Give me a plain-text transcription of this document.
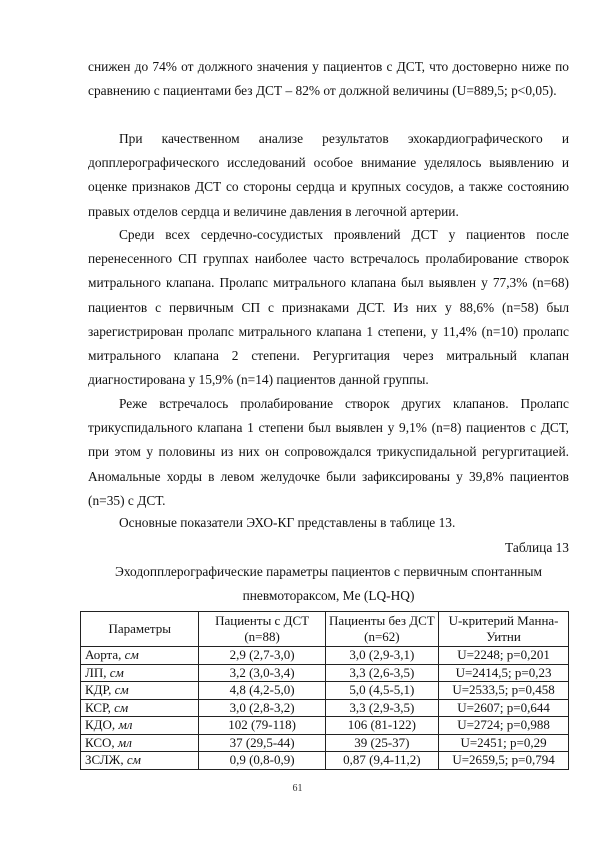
снижен до 74% от должного значения у пациентов с ДСТ, что достоверно ниже по сравнению с пациентами без ДСТ – 82% от должной величины (U=889,5; p<0,05).

При качественном анализе результатов эхокардиографического и допплерографического исследований особое внимание уделялось выявлению и оценке признаков ДСТ со стороны сердца и крупных сосудов, а также состоянию правых отделов сердца и величине давления в легочной артерии.

Среди всех сердечно-сосудистых проявлений ДСТ у пациентов после перенесенного СП группах наиболее часто встречалось пролабирование створок митрального клапана. Пролапс митрального клапана был выявлен у 77,3% (n=68) пациентов с первичным СП с признаками ДСТ. Из них у 88,6% (n=58) был зарегистрирован пролапс митрального клапана 1 степени, у 11,4% (n=10) пролапс митрального клапана 2 степени. Регургитация через митральный клапан диагностирована у 15,9% (n=14) пациентов данной группы.

Реже встречалось пролабирование створок других клапанов. Пролапс трикуспидального клапана 1 степени был выявлен у 9,1% (n=8) пациентов с ДСТ, при этом у половины из них он сопровождался трикуспидальной регургитацией. Аномальные хорды в левом желудочке были зафиксированы у 39,8% пациентов (n=35) с ДСТ.

Основные показатели ЭХО-КГ представлены в таблице 13.

Таблица 13

Эходопплерографические параметры пациентов с первичным спонтанным пневмотораксом, Me (LQ-HQ)

Параметры	Пациенты с ДСТ (n=88)	Пациенты без ДСТ (n=62)	U-критерий Манна-Уитни
Аорта, см	2,9 (2,7-3,0)	3,0 (2,9-3,1)	U=2248; p=0,201
ЛП, см	3,2 (3,0-3,4)	3,3 (2,6-3,5)	U=2414,5; p=0,23
КДР, см	4,8 (4,2-5,0)	5,0 (4,5-5,1)	U=2533,5; p=0,458
КСР, см	3,0 (2,8-3,2)	3,3 (2,9-3,5)	U=2607; p=0,644
КДО, мл	102 (79-118)	106 (81-122)	U=2724; p=0,988
КСО, мл	37 (29,5-44)	39 (25-37)	U=2451; p=0,29
ЗСЛЖ, см	0,9 (0,8-0,9)	0,87 (9,4-11,2)	U=2659,5; p=0,794
61
